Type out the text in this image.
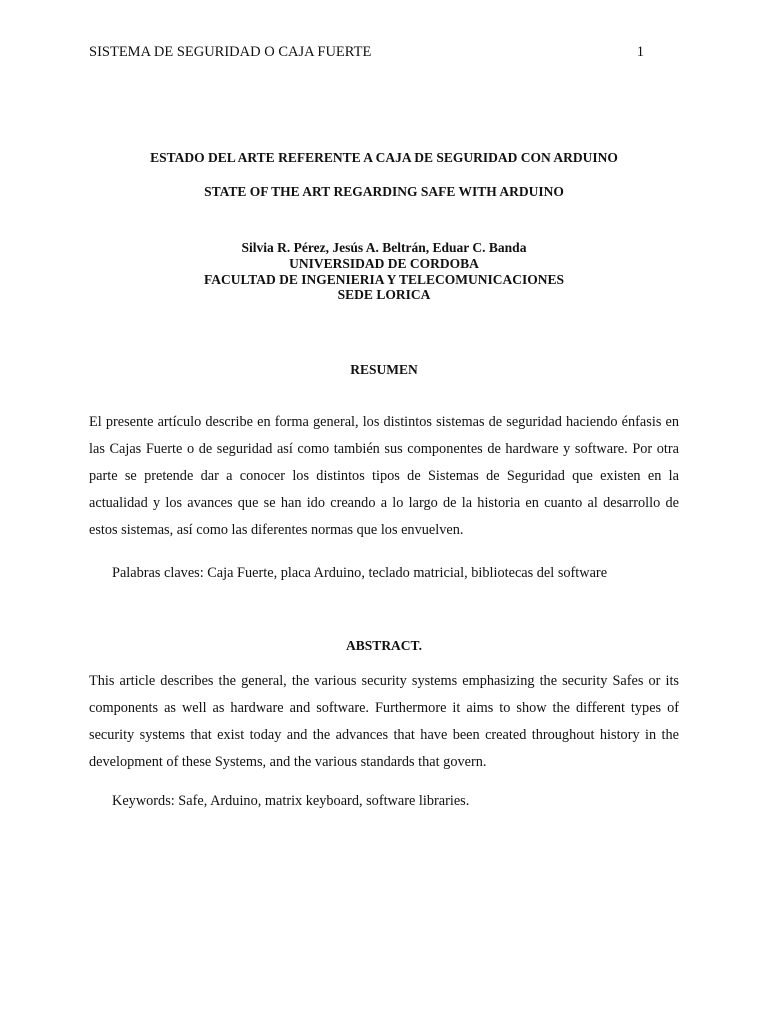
SISTEMA DE SEGURIDAD O CAJA FUERTE	1
ESTADO DEL ARTE REFERENTE A CAJA DE SEGURIDAD CON ARDUINO
STATE OF THE ART REGARDING SAFE WITH ARDUINO
Silvia R. Pérez, Jesús A. Beltrán, Eduar C. Banda
UNIVERSIDAD DE CORDOBA
FACULTAD DE INGENIERIA Y TELECOMUNICACIONES
SEDE LORICA
RESUMEN

El presente artículo describe en forma general, los distintos sistemas de seguridad haciendo énfasis en las Cajas Fuerte o de seguridad así como también sus componentes de hardware y software. Por otra parte se pretende dar a conocer los distintos tipos de Sistemas de Seguridad que existen en la actualidad y los avances que se han ido creando a lo largo de la historia en cuanto al desarrollo de estos sistemas, así como las diferentes normas que los envuelven.

Palabras claves: Caja Fuerte, placa Arduino, teclado matricial, bibliotecas del software

ABSTRACT.

This article describes the general, the various security systems emphasizing the security Safes or its components as well as hardware and software. Furthermore it aims to show the different types of security systems that exist today and the advances that have been created throughout history in the development of these Systems, and the various standards that govern.

Keywords: Safe, Arduino, matrix keyboard, software libraries.
